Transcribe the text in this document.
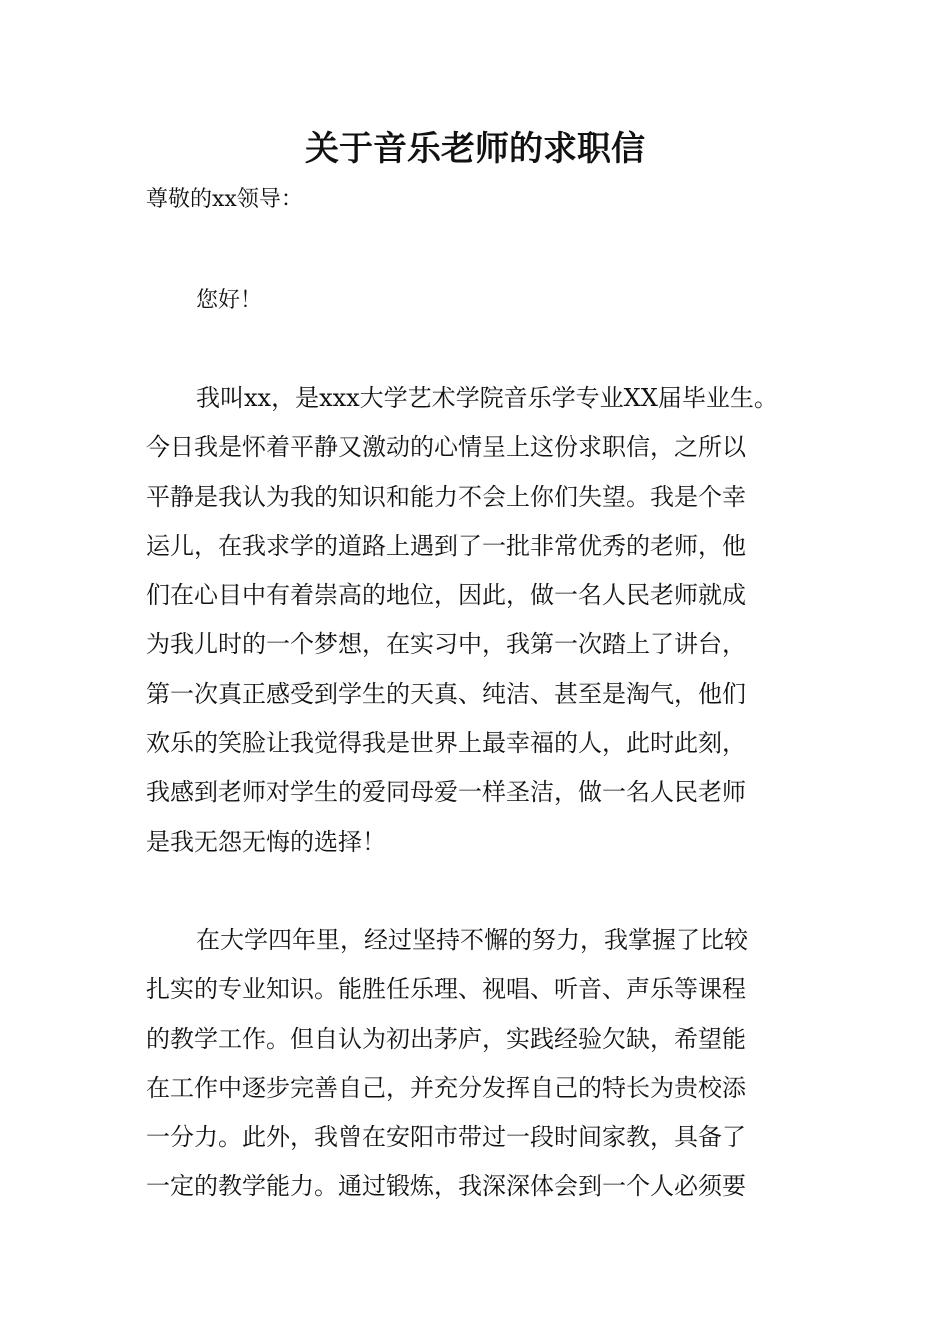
关于音乐老师的求职信
尊敬的xx领导：
您好！
我叫xx，是xxx大学艺术学院音乐学专业XX届毕业生。
今日我是怀着平静又激动的心情呈上这份求职信，之所以
平静是我认为我的知识和能力不会上你们失望。我是个幸
运儿，在我求学的道路上遇到了一批非常优秀的老师，他
们在心目中有着崇高的地位，因此，做一名人民老师就成
为我儿时的一个梦想，在实习中，我第一次踏上了讲台，
第一次真正感受到学生的天真、纯洁、甚至是淘气，他们
欢乐的笑脸让我觉得我是世界上最幸福的人，此时此刻，
我感到老师对学生的爱同母爱一样圣洁，做一名人民老师
是我无怨无悔的选择！
在大学四年里，经过坚持不懈的努力，我掌握了比较
扎实的专业知识。能胜任乐理、视唱、听音、声乐等课程
的教学工作。但自认为初出茅庐，实践经验欠缺，希望能
在工作中逐步完善自己，并充分发挥自己的特长为贵校添
一分力。此外，我曾在安阳市带过一段时间家教，具备了
一定的教学能力。通过锻炼，我深深体会到一个人必须要
